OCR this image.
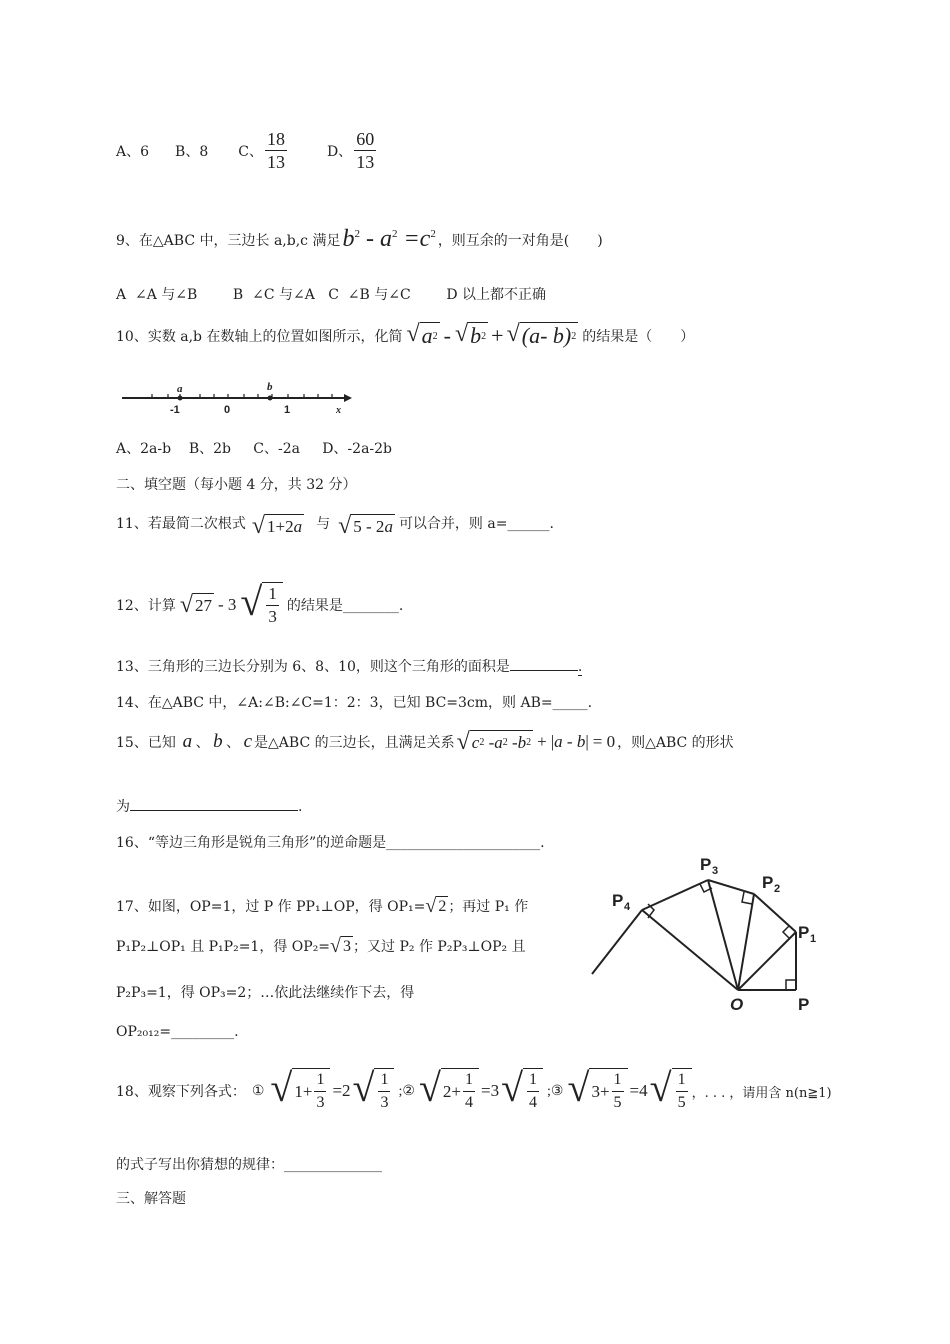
A、6 B、8 C、 $\frac{18}{13}$	D、 $\frac{60}{13}$
9、在△ABC 中，三边长 a,b,c 满足 $b^2 - a^2 =c^2$ ，则互余的一对角是(　　)
A  ∠A 与∠B        B  ∠C 与∠A   C  ∠B 与∠C        D 以上都不正确
10、实数 a,b 在数轴上的位置如图所示，化简 √ a 2 - √ b 2 + √ (a- b) 2 的结果是（　　）
a	b
-1	0	1	x
A、2a-b    B、2b     C、-2a     D、-2a-2b
二、填空题（每小题 4 分，共 32 分）
11、若最简二次根式 √ 1+2 a 与 √ 5 - 2 a 可以合并，则 a=______.
12、计算 √ 27 - 3 √ $\frac{1}{3}$ 的结果是________.
13、三角形的三边长分别为 6、8、10，则这个三角形的面积是	.
14、在△ABC 中，∠A:∠B:∠C=1：2：3，已知 BC=3cm，则 AB=_____.
15、已知 a 、 b 、 c 是△ABC 的三边长，且满足关系 √ c 2 - a 2 - b 2 + |a - b| = 0 ，则△ABC 的形状
为	.
16、“等边三角形是锐角三角形”的逆命题是______________________.
17、如图，OP=1，过 P 作 PP₁⊥OP，得 OP₁= √ 2 ；再过 P₁ 作
P₁P₂⊥OP₁ 且 P₁P₂=1，得 OP₂= √ 3 ；又过 P₂ 作 P₂P₃⊥OP₂ 且
P₂P₃=1，得 OP₃=2；…依此法继续作下去，得
OP₂₀₁₂=_________.
P 1
P 2
P 3
P 4
O	P
18、观察下列各式： ① √ $1+ \frac{1}{3} =2$ √ $\frac{1}{3}$ ;② √ $2+ \frac{1}{4} =3$ √ $\frac{1}{4}$ ;③ √ $3+ \frac{1}{5} =4$ √ $\frac{1}{5}$ ，. . . ，请用含 n(n≧1)
的式子写出你猜想的规律：______________
三、解答题
